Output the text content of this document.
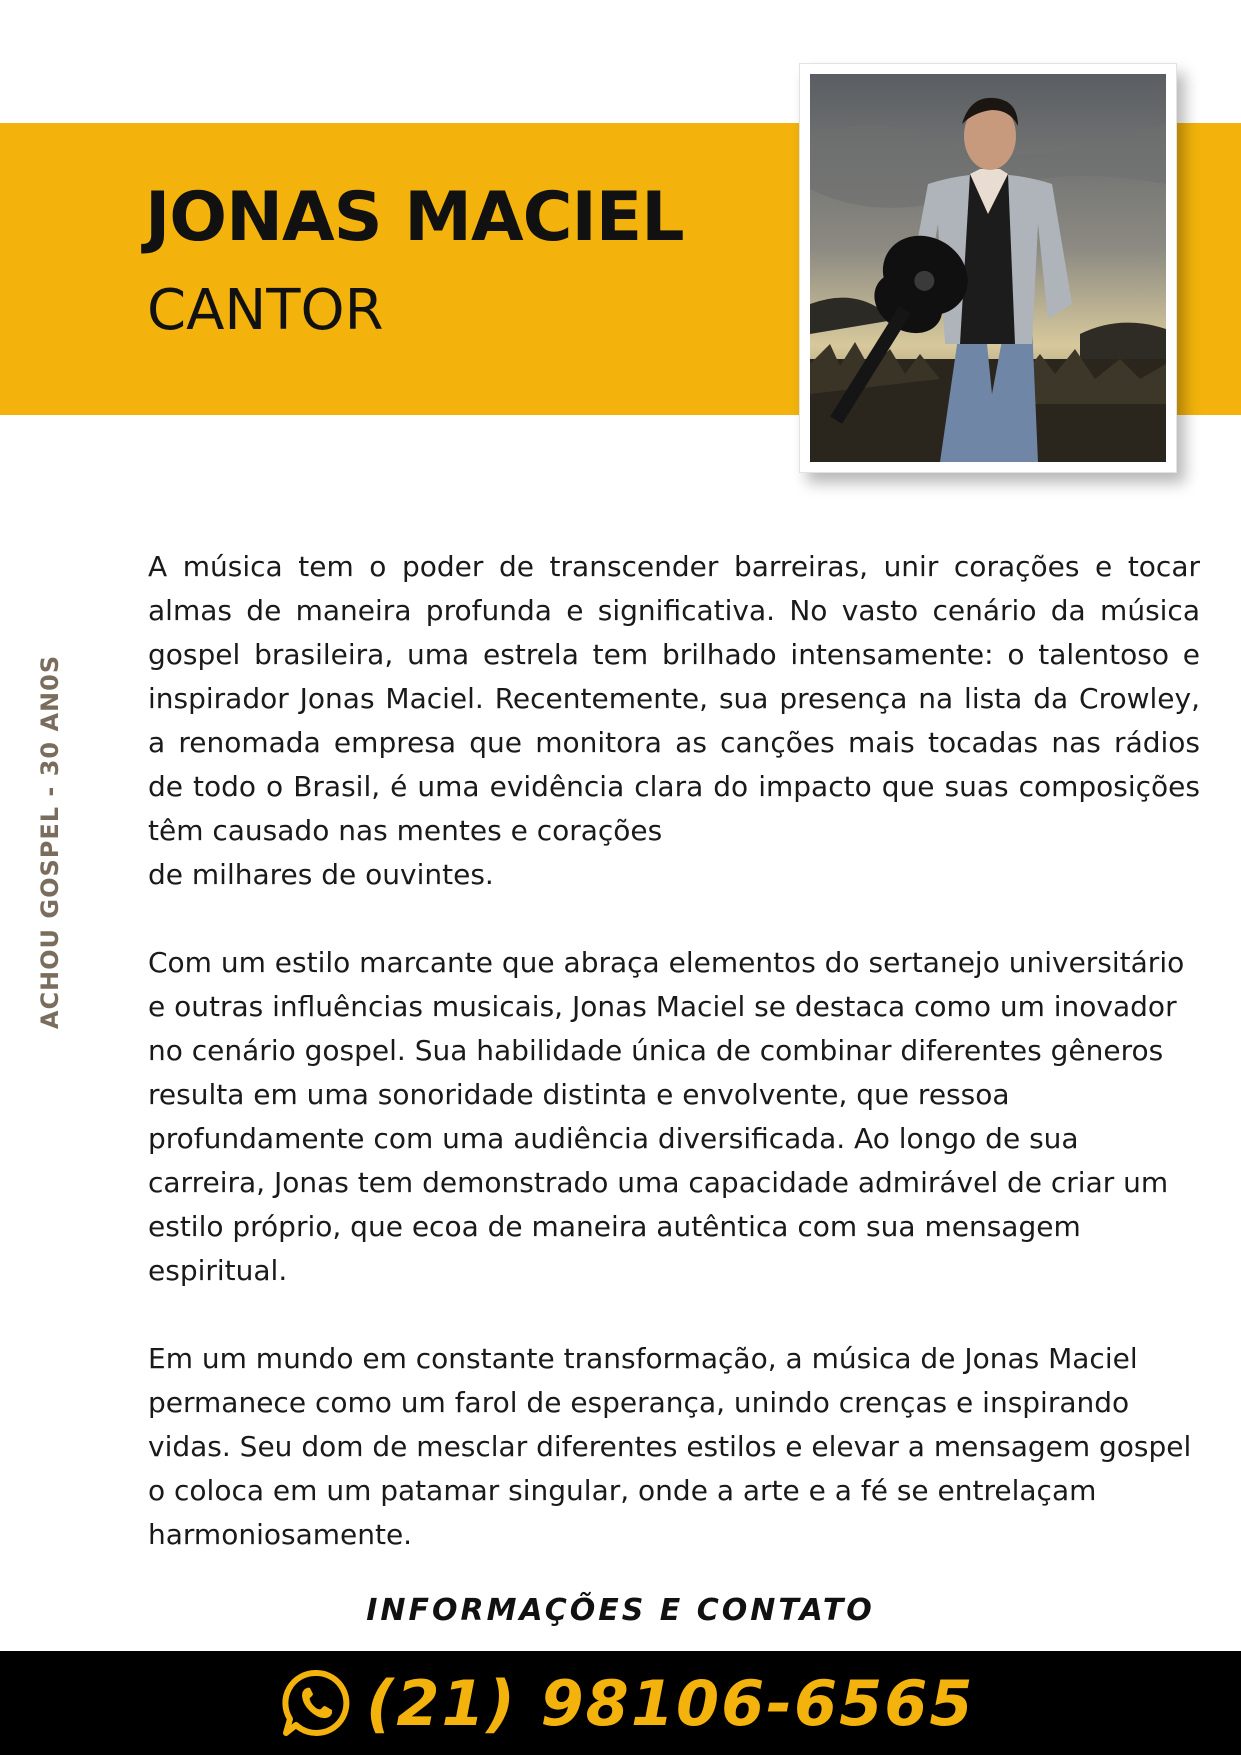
JONAS MACIEL
CANTOR
ACHOU GOSPEL - 30 AN0S

A música tem o poder de transcender barreiras, unir corações e tocar almas de maneira profunda e significativa. No vasto cenário da música gospel brasileira, uma estrela tem brilhado intensamente: o talentoso e inspirador Jonas Maciel. Recentemente, sua presença na lista da Crowley, a renomada empresa que monitora as canções mais tocadas nas rádios de todo o Brasil, é uma evidência clara do impacto que suas composições têm causado nas mentes e corações
de milhares de ouvintes.

Com um estilo marcante que abraça elementos do sertanejo universitário e outras influências musicais, Jonas Maciel se destaca como um inovador no cenário gospel. Sua habilidade única de combinar diferentes gêneros resulta em uma sonoridade distinta e envolvente, que ressoa profundamente com uma audiência diversificada. Ao longo de sua carreira, Jonas tem demonstrado uma capacidade admirável de criar um estilo próprio, que ecoa de maneira autêntica com sua mensagem espiritual.

Em um mundo em constante transformação, a música de Jonas Maciel permanece como um farol de esperança, unindo crenças e inspirando vidas. Seu dom de mesclar diferentes estilos e elevar a mensagem gospel o coloca em um patamar singular, onde a arte e a fé se entrelaçam harmoniosamente.

INFORMAÇÕES E CONTATO
(21) 98106-6565
